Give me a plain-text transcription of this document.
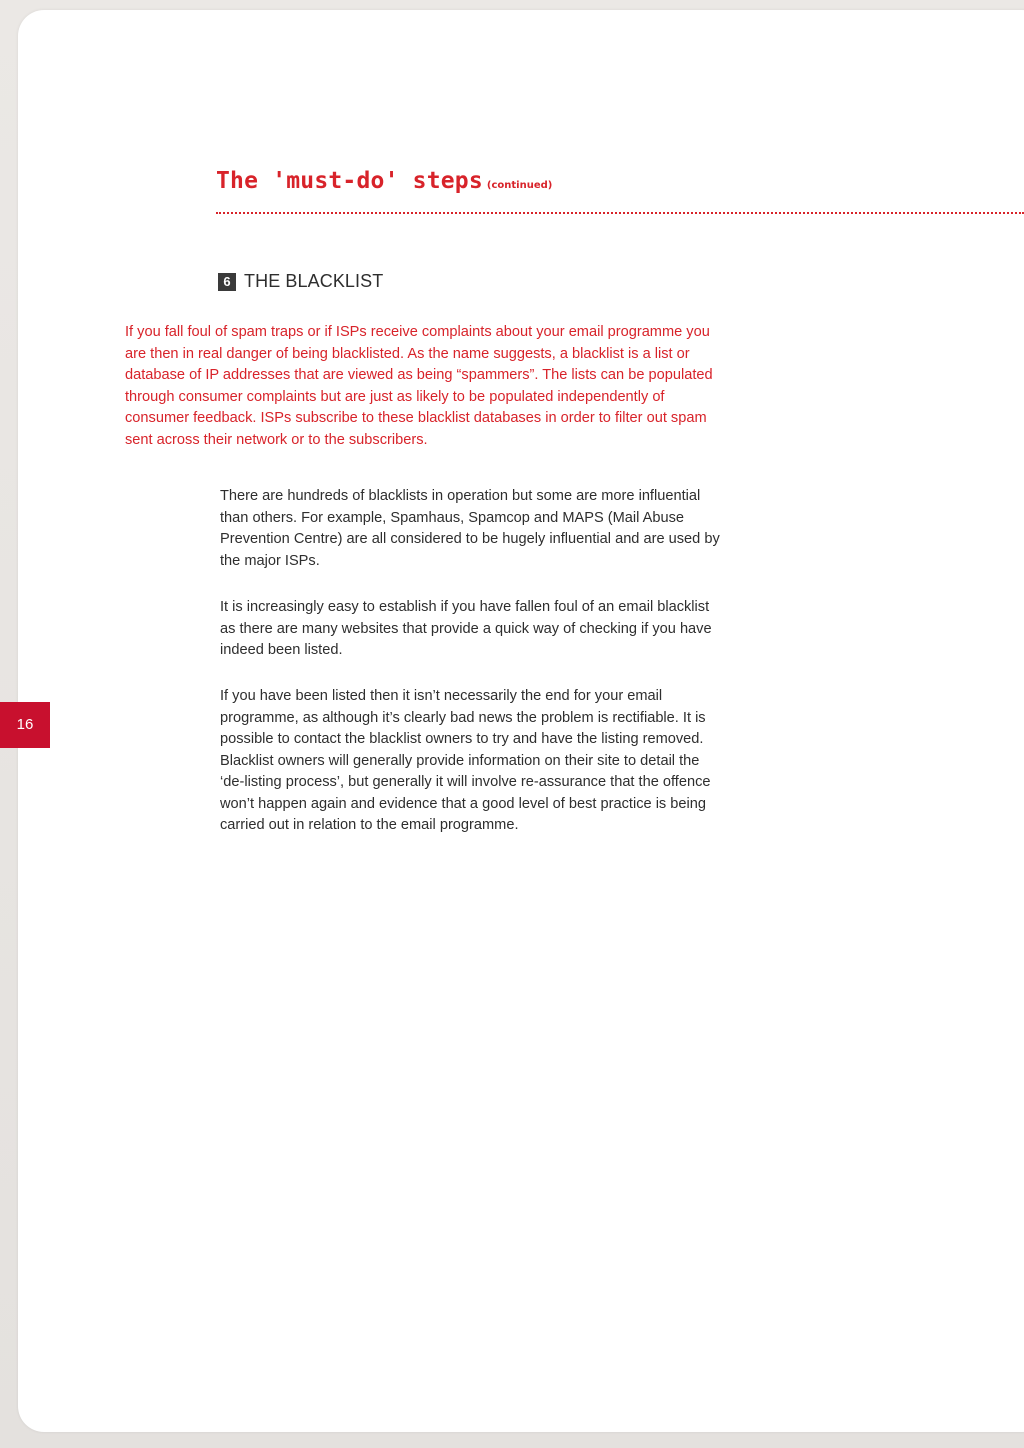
The 'must-do' steps (continued)
6 THE BLACKLIST
If you fall foul of spam traps or if ISPs receive complaints about your email programme you are then in real danger of being blacklisted. As the name suggests, a blacklist is a list or database of IP addresses that are viewed as being “spammers”. The lists can be populated through consumer complaints but are just as likely to be populated independently of consumer feedback. ISPs subscribe to these blacklist databases in order to filter out spam sent across their network or to the subscribers.
There are hundreds of blacklists in operation but some are more influential than others. For example, Spamhaus, Spamcop and MAPS (Mail Abuse Prevention Centre) are all considered to be hugely influential and are used by the major ISPs.
It is increasingly easy to establish if you have fallen foul of an email blacklist as there are many websites that provide a quick way of checking if you have indeed been listed.
If you have been listed then it isn’t necessarily the end for your email programme, as although it’s clearly bad news the problem is rectifiable. It is possible to contact the blacklist owners to try and have the listing removed. Blacklist owners will generally provide information on their site to detail the ‘de-listing process’, but generally it will involve re-assurance that the offence won’t happen again and evidence that a good level of best practice is being carried out in relation to the email programme.
16
